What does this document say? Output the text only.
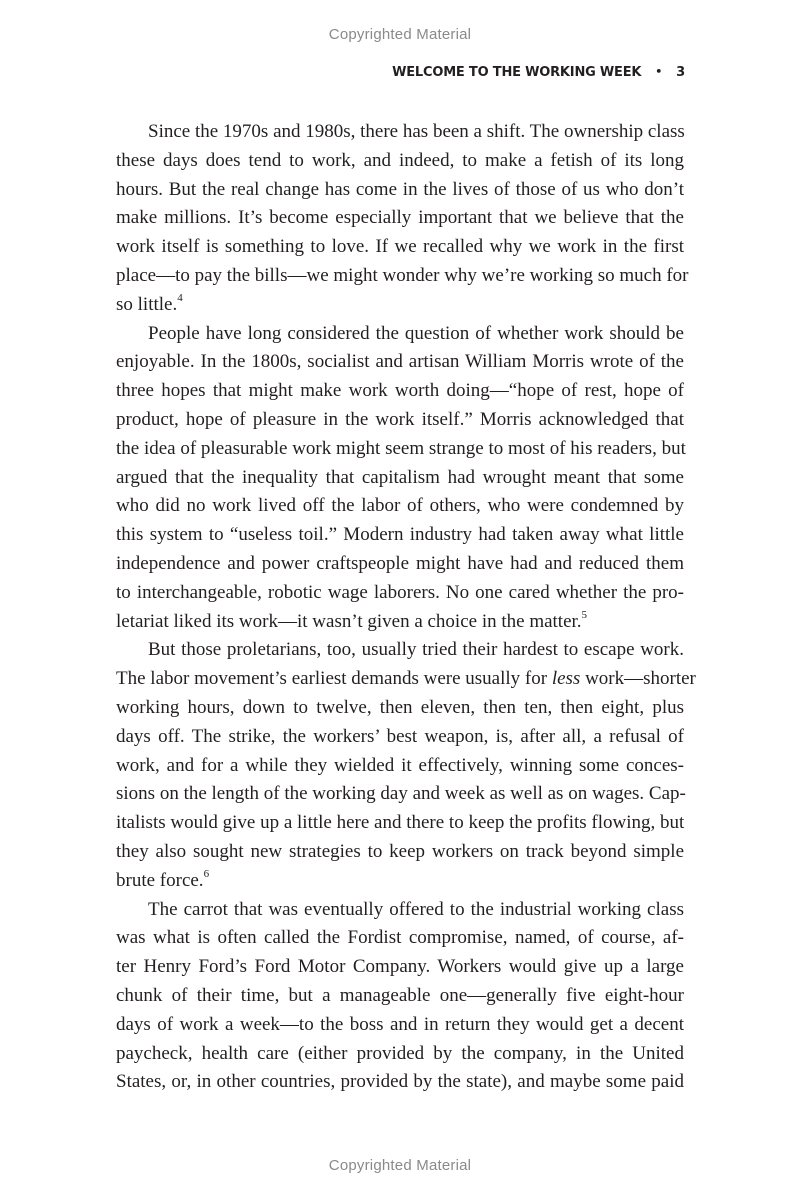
Copyrighted Material
WELCOME TO THE WORKING WEEK • 3

Since the 1970s and 1980s, there has been a shift. The ownership class
these days does tend to work, and indeed, to make a fetish of its long
hours. But the real change has come in the lives of those of us who don’t
make millions. It’s become especially important that we believe that the
work itself is something to love. If we recalled why we work in the first
place—to pay the bills—we might wonder why we’re working so much for
so little.$^4$

People have long considered the question of whether work should be
enjoyable. In the 1800s, socialist and artisan William Morris wrote of the
three hopes that might make work worth doing—“hope of rest, hope of
product, hope of pleasure in the work itself.” Morris acknowledged that
the idea of pleasurable work might seem strange to most of his readers, but
argued that the inequality that capitalism had wrought meant that some
who did no work lived off the labor of others, who were condemned by
this system to “useless toil.” Modern industry had taken away what little
independence and power craftspeople might have had and reduced them
to interchangeable, robotic wage laborers. No one cared whether the pro-
letariat liked its work—it wasn’t given a choice in the matter.$^5$

But those proletarians, too, usually tried their hardest to escape work.
The labor movement’s earliest demands were usually for less work—shorter
working hours, down to twelve, then eleven, then ten, then eight, plus
days off. The strike, the workers’ best weapon, is, after all, a refusal of
work, and for a while they wielded it effectively, winning some conces-
sions on the length of the working day and week as well as on wages. Cap-
italists would give up a little here and there to keep the profits flowing, but
they also sought new strategies to keep workers on track beyond simple
brute force.$^6$

The carrot that was eventually offered to the industrial working class
was what is often called the Fordist compromise, named, of course, af-
ter Henry Ford’s Ford Motor Company. Workers would give up a large
chunk of their time, but a manageable one—generally five eight-hour
days of work a week—to the boss and in return they would get a decent
paycheck, health care (either provided by the company, in the United
States, or, in other countries, provided by the state), and maybe some paid

Copyrighted Material
